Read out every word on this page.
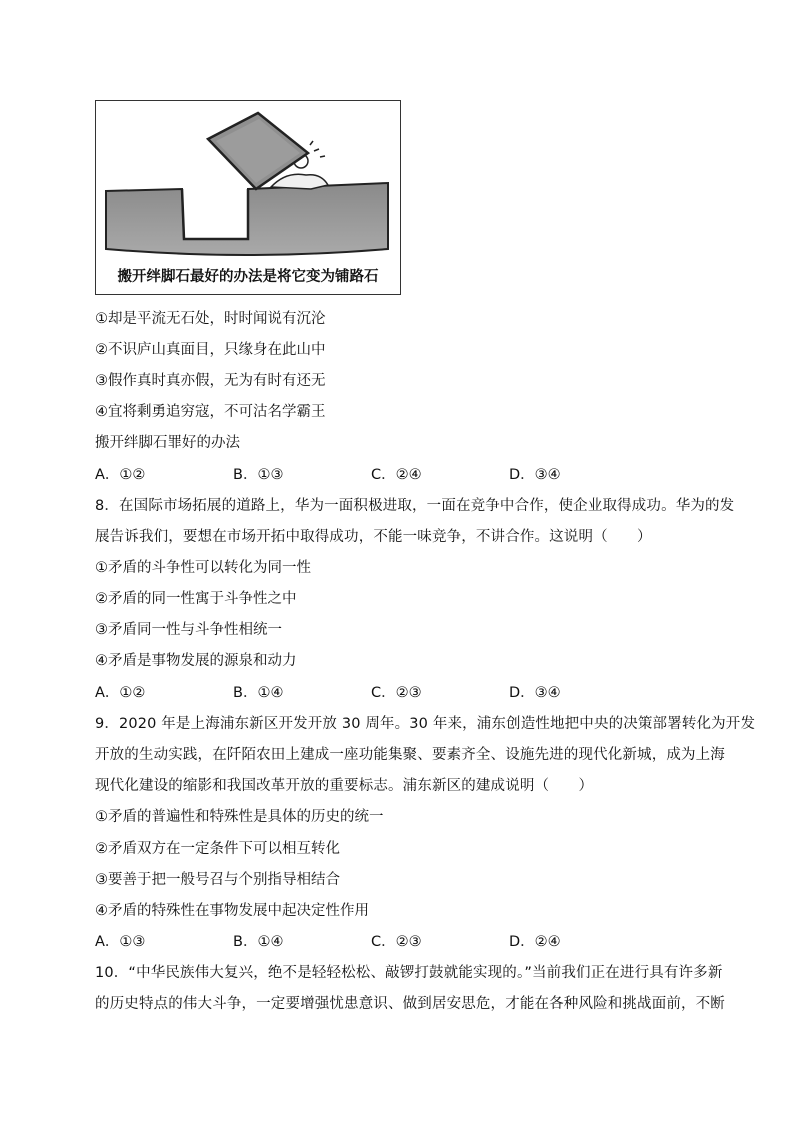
搬开绊脚石最好的办法是将它变为铺路石
①却是平流无石处，时时闻说有沉沦
②不识庐山真面目，只缘身在此山中
③假作真时真亦假，无为有时有还无
④宜将剩勇追穷寇，不可沽名学霸王
搬开绊脚石罪好的办法
A．①②	B．①③	C．②④	D．③④
8．在国际市场拓展的道路上，华为一面积极进取，一面在竞争中合作，使企业取得成功。华为的发
展告诉我们，要想在市场开拓中取得成功，不能一味竞争，不讲合作。这说明（　　）
①矛盾的斗争性可以转化为同一性
②矛盾的同一性寓于斗争性之中
③矛盾同一性与斗争性相统一
④矛盾是事物发展的源泉和动力
A．①②	B．①④	C．②③	D．③④
9．2020 年是上海浦东新区开发开放 30 周年。30 年来，浦东创造性地把中央的决策部署转化为开发
开放的生动实践，在阡陌农田上建成一座功能集聚、要素齐全、设施先进的现代化新城，成为上海
现代化建设的缩影和我国改革开放的重要标志。浦东新区的建成说明（　　）
①矛盾的普遍性和特殊性是具体的历史的统一
②矛盾双方在一定条件下可以相互转化
③要善于把一般号召与个别指导相结合
④矛盾的特殊性在事物发展中起决定性作用
A．①③	B．①④	C．②③	D．②④
10．“中华民族伟大复兴，绝不是轻轻松松、敲锣打鼓就能实现的。”当前我们正在进行具有许多新
的历史特点的伟大斗争，一定要增强忧患意识、做到居安思危，才能在各种风险和挑战面前，不断
